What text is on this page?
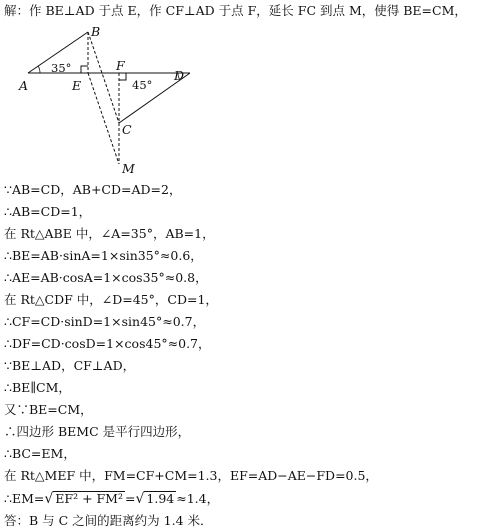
解：作 BE⊥AD 于点 E，作 CF⊥AD 于点 F，延长 FC 到点 M，使得 BE=CM，
A
B
C
D
E
F
M
35°
45°
∵AB=CD，AB+CD=AD=2，
∴AB=CD=1，
在 Rt△ABE 中，∠A=35°，AB=1，
∴BE=AB·sinA=1×sin35°≈0.6，
∴AE=AB·cosA=1×cos35°≈0.8，
在 Rt△CDF 中，∠D=45°，CD=1，
∴CF=CD·sinD=1×sin45°≈0.7，
∴DF=CD·cosD=1×cos45°≈0.7，
∵BE⊥AD，CF⊥AD，
∴BE∥CM，
又∵BE=CM，
∴四边形 BEMC 是平行四边形，
∴BC=EM，
在 Rt△MEF 中，FM=CF+CM=1.3，EF=AD−AE−FD=0.5，
∴EM=√ EF² + FM² =√ 1.94 ≈1.4，
答：B 与 C 之间的距离约为 1.4 米．
